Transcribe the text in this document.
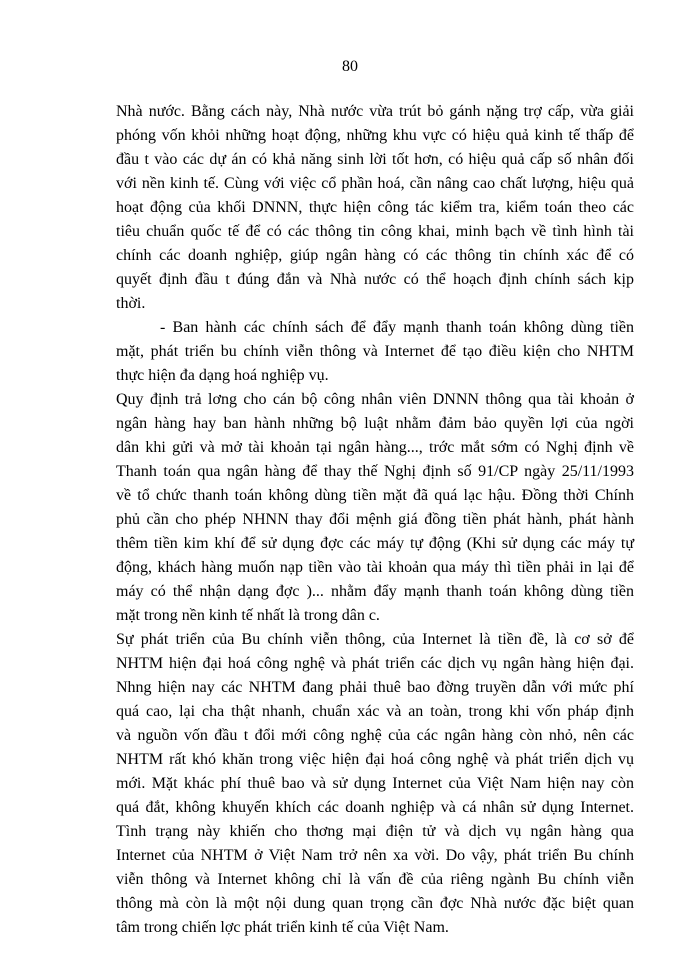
80
Nhà nước. Bằng cách này, Nhà nước vừa trút bỏ gánh nặng trợ cấp, vừa giải
phóng vốn khỏi những hoạt động, những khu vực có hiệu quả kinh tế thấp để
đầu t vào các dự án có khả năng sinh lời tốt hơn, có hiệu quả cấp số nhân đối
với nền kinh tế. Cùng với việc cổ phần hoá, cần nâng cao chất lượng, hiệu quả
hoạt động của khối DNNN, thực hiện công tác kiểm tra, kiểm toán theo các
tiêu chuẩn quốc tế để có các thông tin công khai, minh bạch về tình hình tài
chính các doanh nghiệp, giúp ngân hàng có các thông tin chính xác để có
quyết định đầu t đúng đắn và Nhà nước có thể hoạch định chính sách kịp
thời.
- Ban hành các chính sách để đẩy mạnh thanh toán không dùng tiền
mặt, phát triển bu chính viễn thông và Internet để tạo điều kiện cho NHTM
thực hiện đa dạng hoá nghiệp vụ.
Quy định trả lơng cho cán bộ công nhân viên DNNN thông qua tài khoản ở
ngân hàng hay ban hành những bộ luật nhằm đảm bảo quyền lợi của ngời
dân khi gửi và mở tài khoản tại ngân hàng..., trớc mắt sớm có Nghị định về
Thanh toán qua ngân hàng để thay thế Nghị định số 91/CP ngày 25/11/1993
về tổ chức thanh toán không dùng tiền mặt đã quá lạc hậu. Đồng thời Chính
phủ cần cho phép NHNN thay đổi mệnh giá đồng tiền phát hành, phát hành
thêm tiền kim khí để sử dụng đợc các máy tự động (Khi sử dụng các máy tự
động, khách hàng muốn nạp tiền vào tài khoản qua máy thì tiền phải in lại để
máy có thể nhận dạng đợc )... nhằm đẩy mạnh thanh toán không dùng tiền
mặt trong nền kinh tế nhất là trong dân c.
Sự phát triển của Bu chính viễn thông, của Internet là tiền đề, là cơ sở để
NHTM hiện đại hoá công nghệ và phát triển các dịch vụ ngân hàng hiện đại.
Nhng hiện nay các NHTM đang phải thuê bao đờng truyền dẫn với mức phí
quá cao, lại cha thật nhanh, chuẩn xác và an toàn, trong khi vốn pháp định
và nguồn vốn đầu t đổi mới công nghệ của các ngân hàng còn nhỏ, nên các
NHTM rất khó khăn trong việc hiện đại hoá công nghệ và phát triển dịch vụ
mới. Mặt khác phí thuê bao và sử dụng Internet của Việt Nam hiện nay còn
quá đắt, không khuyến khích các doanh nghiệp và cá nhân sử dụng Internet.
Tình trạng này khiến cho thơng mại điện tử và dịch vụ ngân hàng qua
Internet của NHTM ở Việt Nam trở nên xa vời. Do vậy, phát triển Bu chính
viễn thông và Internet không chỉ là vấn đề của riêng ngành Bu chính viễn
thông mà còn là một nội dung quan trọng cần đợc Nhà nước đặc biệt quan
tâm trong chiến lợc phát triển kinh tế của Việt Nam.
